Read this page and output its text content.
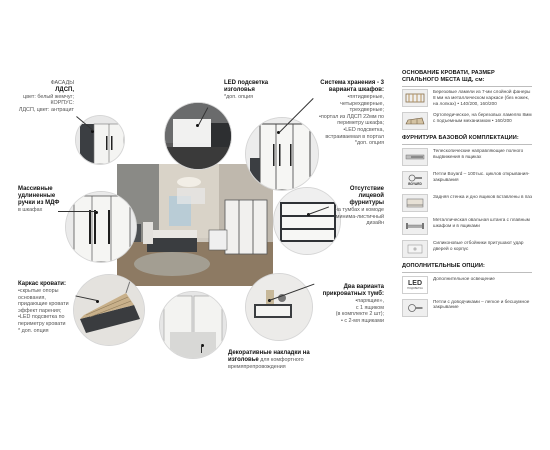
ФАСАДЫ
ЛДСП,
цвет: белый жемчуг;
КОРПУС:
ЛДСП, цвет: антрацит
LED подсветка изголовья
*доп. опция
Система хранения - 3 варианта шкафов:
•пятидверные,
четырехдверные,
трехдверные;
•портал из ЛДСП 22мм по периметру шкафа;
•LED подсветка, встраиваемая в портал
*доп. опция
Массивные удлиненные ручки из МДФ
в шкафах
Отсутствие лицевой фурнитуры
на тумбах и комоде - минима-листичный дизайн
Каркас кровати:
•скрытые опоры основания, придающие кровати эффект парения;
•LED подсветка по периметру кровати
* доп. опция
Два варианта прикроватных тумб:
•парящие»,
с 1 ящиком
(в комплекте 2 шт);
• с 2-мя ящиками
Декоративные накладки на изголовье для комфортного времяпрепровождения
ОСНОВАНИЕ КРОВАТИ, РАЗМЕР СПАЛЬНОГО МЕСТА ШД, см:
Березовые ламели из 7-ми слойной фанеры 8 мм на металлическом каркасе (без ножек, на лопках) • 140/200, 160/200
Ортопедическое, на березовых ламелях 8мм с подъемным механизмом • 160/200
ФУРНИТУРА БАЗОВОЙ КОМПЛЕКТАЦИИ:
Телескопические направляющие полного выдвижения в ящиках
BOYARD
Петли Boyard – 100тыс. циклов открывания-закрывания
Задняя стенка и дно ящиков вставлены в паз
Металлическая овальная штанга с плавным шкафом и в ящиками
Силиконовые отбойники притушают удар дверей о корпус
ДОПОЛНИТЕЛЬНЫЕ ОПЦИИ:
LED
ПОДСВЕТКА
Дополнительное освещение
Петли с доводчиками – легкое и бесшумное закрывание
